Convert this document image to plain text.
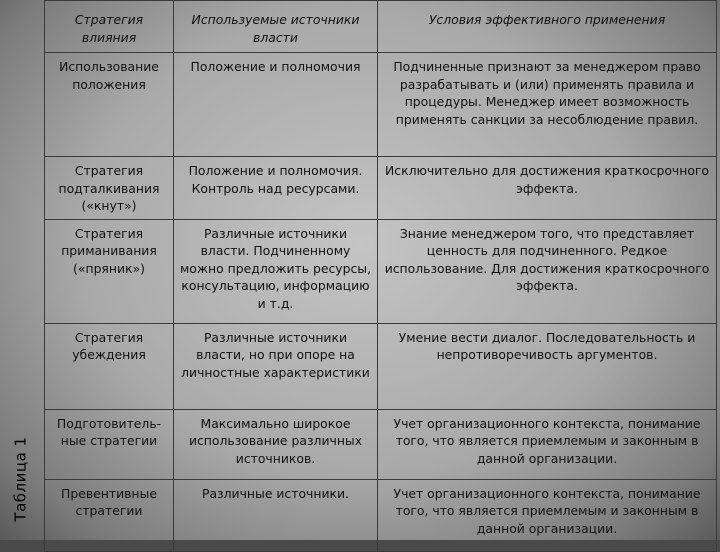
Таблица 1
Стратегия влияния	Используемые источники власти	Условия эффективного применения
Использование положения	Положение и полномочия	Подчиненные признают за менеджером право разрабатывать и (или) применять правила и процедуры. Менеджер имеет возможность применять санкции за несоблюдение правил.
Стратегия подталкивания («кнут»)	Положение и полномочия. Контроль над ресурсами.	Исключительно для достижения краткосрочного эффекта.
Стратегия приманивания («пряник»)	Различные источники власти. Подчиненному можно предложить ресурсы, консультацию, информацию и т.д.	Знание менеджером того, что представляет ценность для подчиненного. Редкое использование. Для достижения краткосрочного эффекта.
Стратегия убеждения	Различные источники власти, но при опоре на личностные характеристики	Умение вести диалог. Последовательность и непротиворечивость аргументов.
Подготовитель-ные стратегии	Максимально широкое использование различных источников.	Учет организационного контекста, понимание того, что является приемлемым и законным в данной организации.
Превентивные стратегии	Различные источники.	Учет организационного контекста, понимание того, что является приемлемым и законным в данной организации.
